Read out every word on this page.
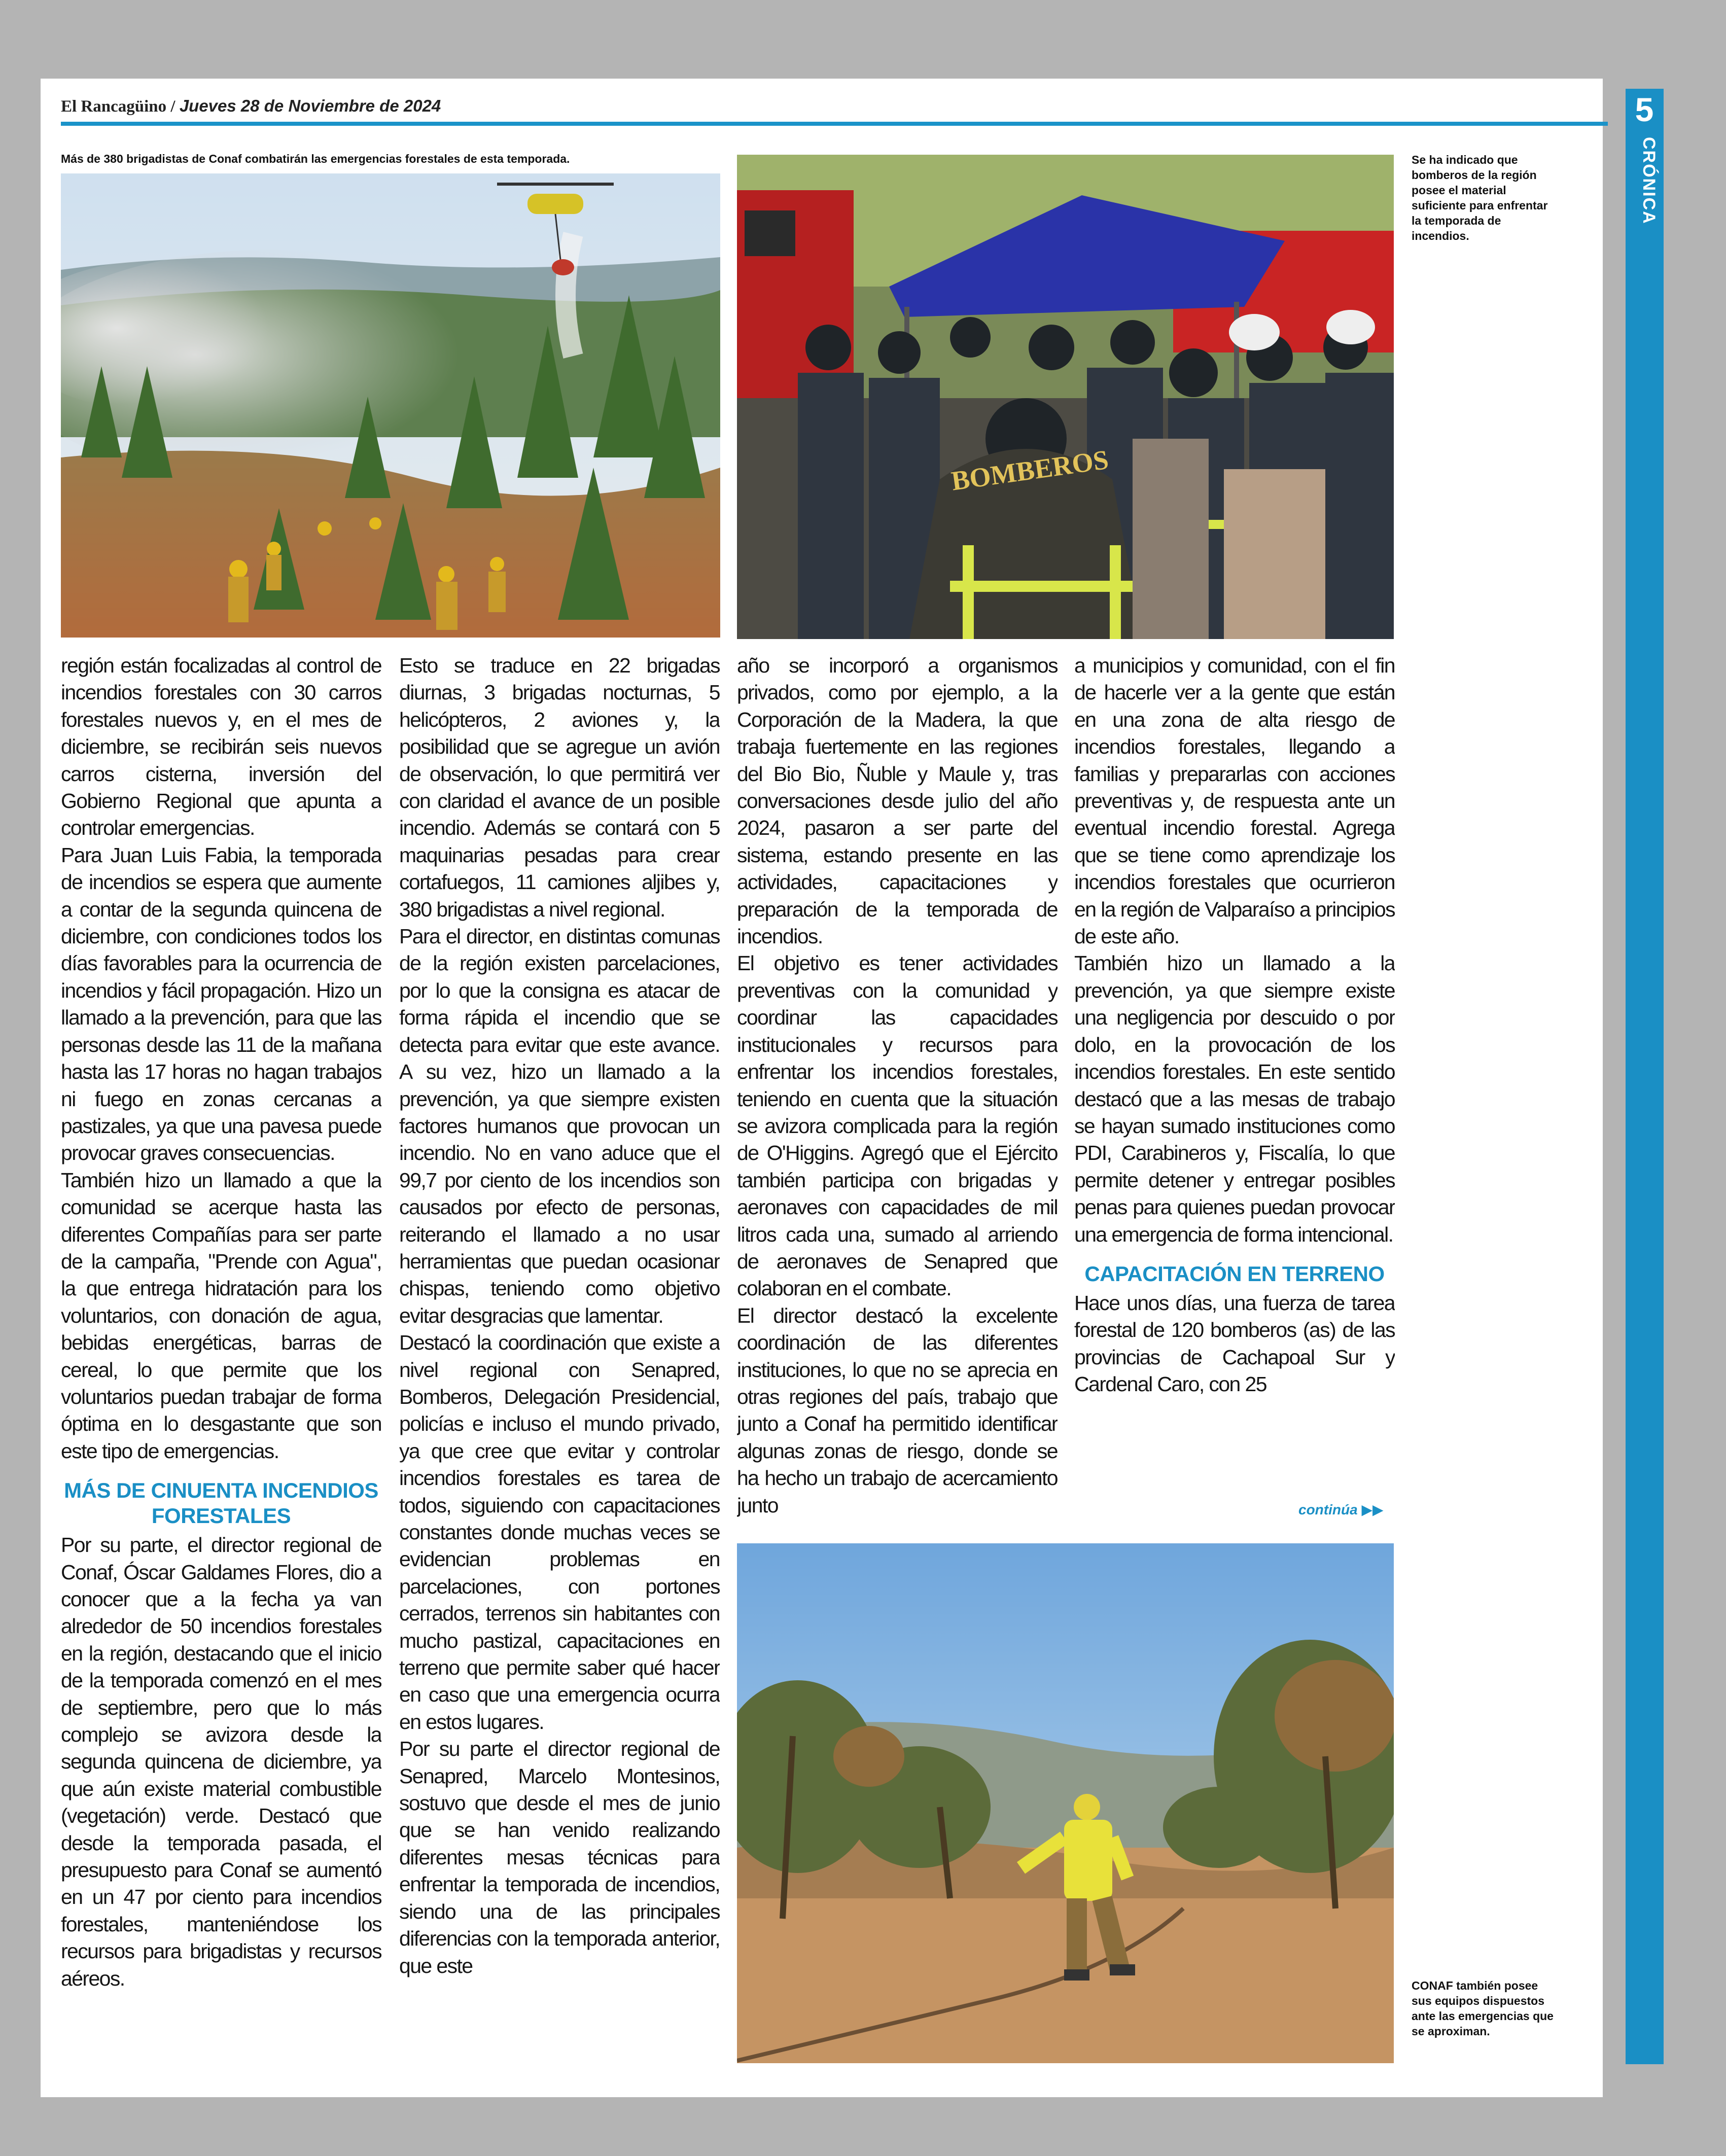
El Rancagüino / Jueves 28 de Noviembre de 2024	5
CRÓNICA
Más de 380 brigadistas de Conaf combatirán las emergencias forestales de esta temporada.
BOMBEROS
Se ha indicado que bomberos de la región posee el material suficiente para enfrentar la temporada de incendios.

región están focalizadas al control de incendios forestales con 30 carros forestales nuevos y, en el mes de diciembre, se recibirán seis nuevos carros cisterna, inversión del Gobierno Regional que apunta a controlar emergencias.

Para Juan Luis Fabia, la temporada de incendios se espera que aumente a contar de la segunda quincena de diciembre, con condiciones todos los días favorables para la ocurrencia de incendios y fácil propagación. Hizo un llamado a la prevención, para que las personas desde las 11 de la mañana hasta las 17 horas no hagan trabajos ni fuego en zonas cercanas a pastizales, ya que una pavesa puede provocar graves consecuencias.

También hizo un llamado a que la comunidad se acerque hasta las diferentes Compañías para ser parte de la campaña, "Prende con Agua", la que entrega hidratación para los voluntarios, con donación de agua, bebidas energéticas, barras de cereal, lo que permite que los voluntarios puedan trabajar de forma óptima en lo desgastante que son este tipo de emergencias.

MÁS DE CINUENTA INCENDIOS FORESTALES

Por su parte, el director regional de Conaf, Óscar Galdames Flores, dio a conocer que a la fecha ya van alrededor de 50 incendios forestales en la región, destacando que el inicio de la temporada comenzó en el mes de septiembre, pero que lo más complejo se avizora desde la segunda quincena de diciembre, ya que aún existe material combustible (vegetación) verde. Destacó que desde la temporada pasada, el presupuesto para Conaf se aumentó en un 47 por ciento para incendios forestales, manteniéndose los recursos para brigadistas y recursos aéreos.

Esto se traduce en 22 brigadas diurnas, 3 brigadas nocturnas, 5 helicópteros, 2 aviones y, la posibilidad que se agregue un avión de observación, lo que permitirá ver con claridad el avance de un posible incendio. Además se contará con 5 maquinarias pesadas para crear cortafuegos, 11 camiones aljibes y, 380 brigadistas a nivel regional.

Para el director, en distintas comunas de la región existen parcelaciones, por lo que la consigna es atacar de forma rápida el incendio que se detecta para evitar que este avance. A su vez, hizo un llamado a la prevención, ya que siempre existen factores humanos que provocan un incendio. No en vano aduce que el 99,7 por ciento de los incendios son causados por efecto de personas, reiterando el llamado a no usar herramientas que puedan ocasionar chispas, teniendo como objetivo evitar desgracias que lamentar.

Destacó la coordinación que existe a nivel regional con Senapred, Bomberos, Delegación Presidencial, policías e incluso el mundo privado, ya que cree que evitar y controlar incendios forestales es tarea de todos, siguiendo con capacitaciones constantes donde muchas veces se evidencian problemas en parcelaciones, con portones cerrados, terrenos sin habitantes con mucho pastizal, capacitaciones en terreno que permite saber qué hacer en caso que una emergencia ocurra en estos lugares.

Por su parte el director regional de Senapred, Marcelo Montesinos, sostuvo que desde el mes de junio que se han venido realizando diferentes mesas técnicas para enfrentar la temporada de incendios, siendo una de las principales diferencias con la temporada anterior, que este

año se incorporó a organismos privados, como por ejemplo, a la Corporación de la Madera, la que trabaja fuertemente en las regiones del Bio Bio, Ñuble y Maule y, tras conversaciones desde julio del año 2024, pasaron a ser parte del sistema, estando presente en las actividades, capacitaciones y preparación de la temporada de incendios.

El objetivo es tener actividades preventivas con la comunidad y coordinar las capacidades institucionales y recursos para enfrentar los incendios forestales, teniendo en cuenta que la situación se avizora complicada para la región de O'Higgins. Agregó que el Ejército también participa con brigadas y aeronaves con capacidades de mil litros cada una, sumado al arriendo de aeronaves de Senapred que colaboran en el combate.

El director destacó la excelente coordinación de las diferentes instituciones, lo que no se aprecia en otras regiones del país, trabajo que junto a Conaf ha permitido identificar algunas zonas de riesgo, donde se ha hecho un trabajo de acercamiento junto

a municipios y comunidad, con el fin de hacerle ver a la gente que están en una zona de alta riesgo de incendios forestales, llegando a familias y prepararlas con acciones preventivas y, de respuesta ante un eventual incendio forestal. Agrega que se tiene como aprendizaje los incendios forestales que ocurrieron en la región de Valparaíso a principios de este año.

También hizo un llamado a la prevención, ya que siempre existe una negligencia por descuido o por dolo, en la provocación de los incendios forestales. En este sentido destacó que a las mesas de trabajo se hayan sumado instituciones como PDI, Carabineros y, Fiscalía, lo que permite detener y entregar posibles penas para quienes puedan provocar una emergencia de forma intencional.

CAPACITACIÓN EN TERRENO

Hace unos días, una fuerza de tarea forestal de 120 bomberos (as) de las provincias de Cachapoal Sur y Cardenal Caro, con 25

continúa ▶▶
CONAF también posee sus equipos dispuestos ante las emergencias que se aproximan.
